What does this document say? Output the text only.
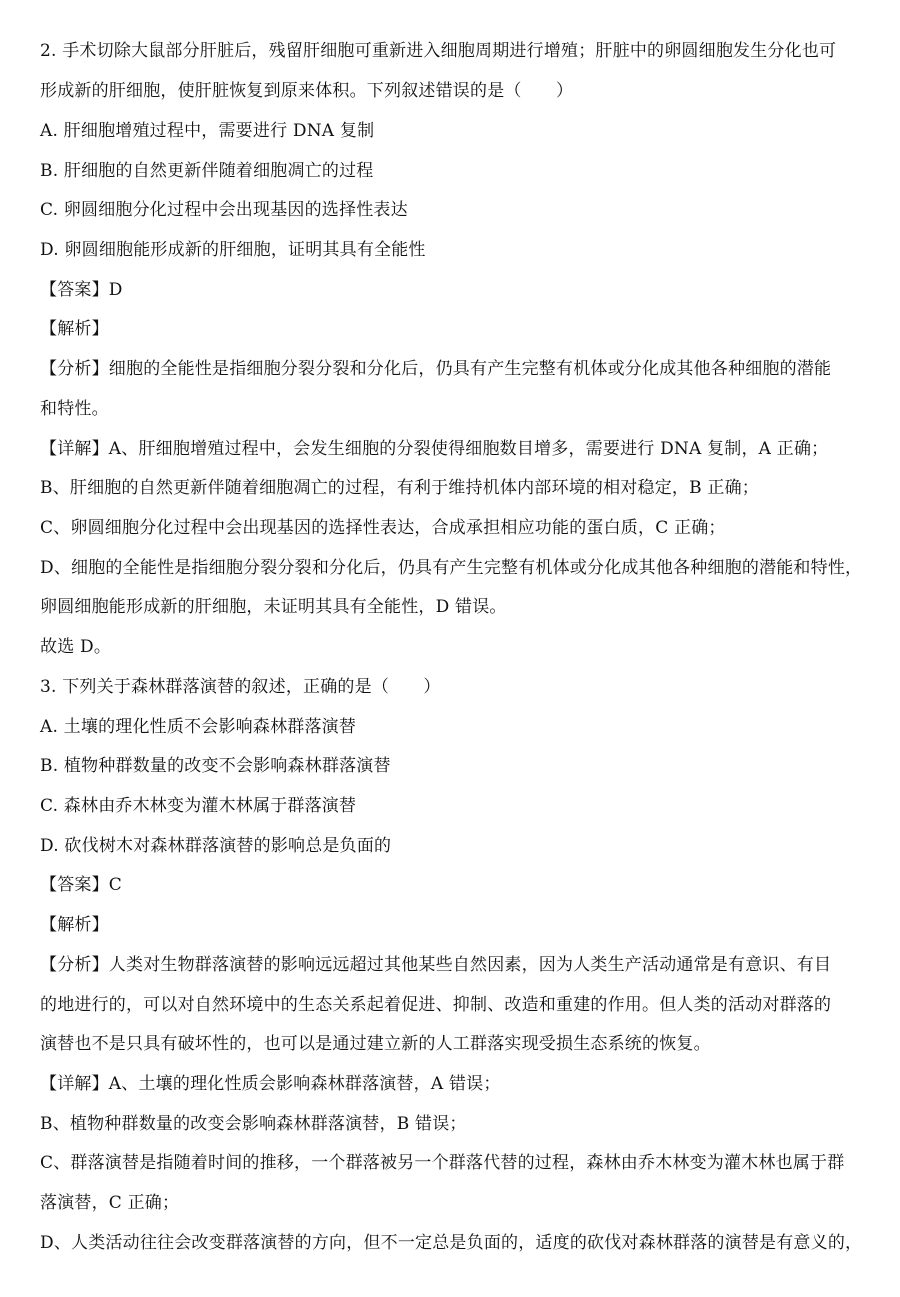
2. 手术切除大鼠部分肝脏后，残留肝细胞可重新进入细胞周期进行增殖；肝脏中的卵圆细胞发生分化也可
形成新的肝细胞，使肝脏恢复到原来体积。下列叙述错误的是（　　）
A. 肝细胞增殖过程中，需要进行 DNA 复制
B. 肝细胞的自然更新伴随着细胞凋亡的过程
C. 卵圆细胞分化过程中会出现基因的选择性表达
D. 卵圆细胞能形成新的肝细胞，证明其具有全能性
【答案】D
【解析】
【分析】细胞的全能性是指细胞分裂分裂和分化后，仍具有产生完整有机体或分化成其他各种细胞的潜能
和特性。
【详解】A、肝细胞增殖过程中，会发生细胞的分裂使得细胞数目增多，需要进行 DNA 复制，A 正确；
B、肝细胞的自然更新伴随着细胞凋亡的过程，有利于维持机体内部环境的相对稳定，B 正确；
C、卵圆细胞分化过程中会出现基因的选择性表达，合成承担相应功能的蛋白质，C 正确；
D、细胞的全能性是指细胞分裂分裂和分化后，仍具有产生完整有机体或分化成其他各种细胞的潜能和特性，
卵圆细胞能形成新的肝细胞，未证明其具有全能性，D 错误。
故选 D。
3. 下列关于森林群落演替的叙述，正确的是（　　）
A. 土壤的理化性质不会影响森林群落演替
B. 植物种群数量的改变不会影响森林群落演替
C. 森林由乔木林变为灌木林属于群落演替
D. 砍伐树木对森林群落演替的影响总是负面的
【答案】C
【解析】
【分析】人类对生物群落演替的影响远远超过其他某些自然因素，因为人类生产活动通常是有意识、有目
的地进行的，可以对自然环境中的生态关系起着促进、抑制、改造和重建的作用。但人类的活动对群落的
演替也不是只具有破坏性的，也可以是通过建立新的人工群落实现受损生态系统的恢复。
【详解】A、土壤的理化性质会影响森林群落演替，A 错误；
B、植物种群数量的改变会影响森林群落演替，B 错误；
C、群落演替是指随着时间的推移，一个群落被另一个群落代替的过程，森林由乔木林变为灌木林也属于群
落演替，C 正确；
D、人类活动往往会改变群落演替的方向，但不一定总是负面的，适度的砍伐对森林群落的演替是有意义的，
